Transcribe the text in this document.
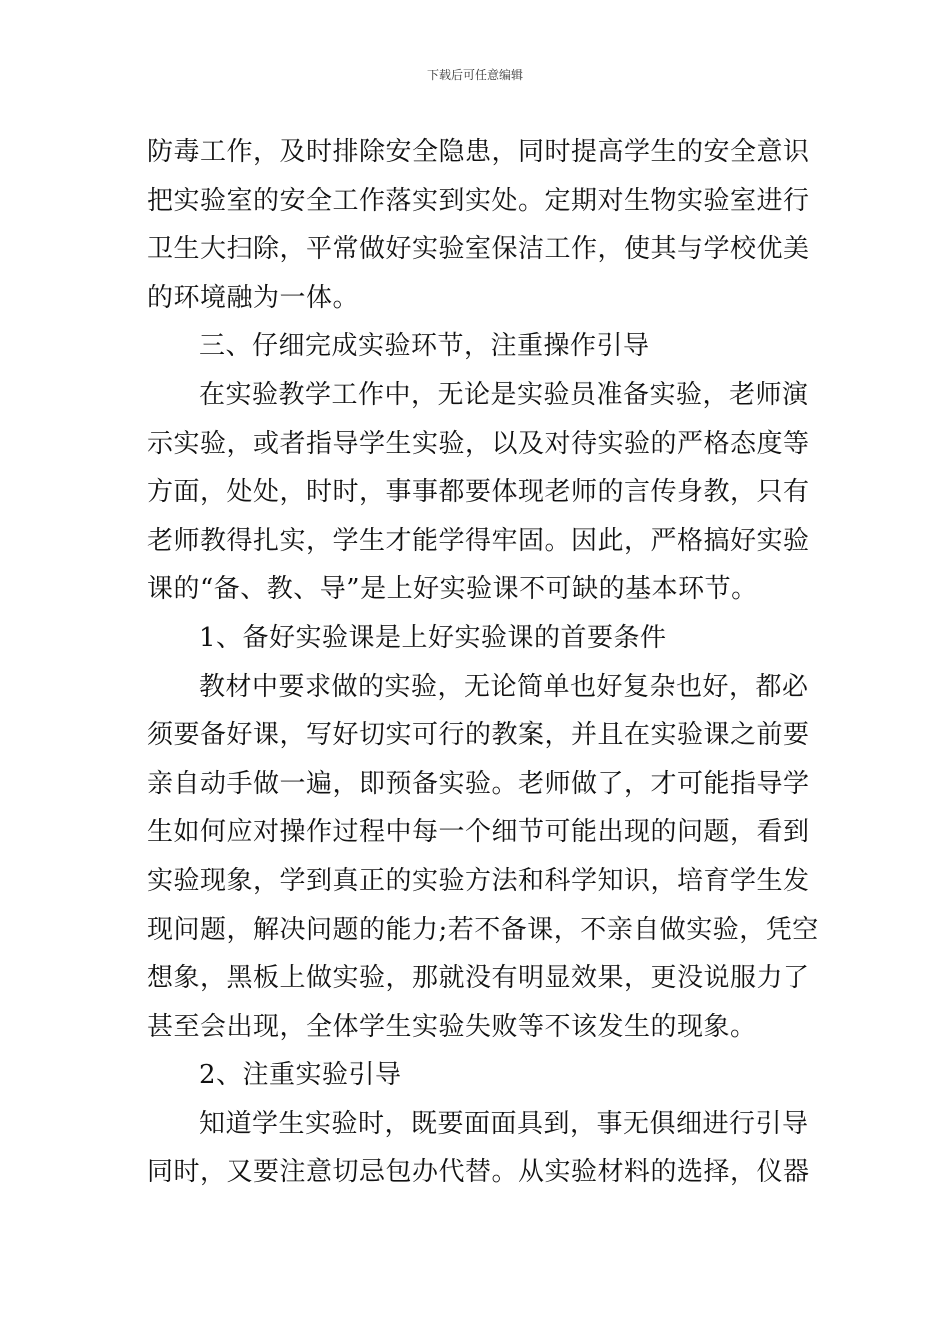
下载后可任意编辑
防毒工作，及时排除安全隐患，同时提高学生的安全意识
把实验室的安全工作落实到实处。定期对生物实验室进行
卫生大扫除，平常做好实验室保洁工作，使其与学校优美
的环境融为一体。
三、仔细完成实验环节，注重操作引导
在实验教学工作中，无论是实验员准备实验，老师演
示实验，或者指导学生实验，以及对待实验的严格态度等
方面，处处，时时，事事都要体现老师的言传身教，只有
老师教得扎实，学生才能学得牢固。因此，严格搞好实验
课的“备、教、导”是上好实验课不可缺的基本环节。
1、备好实验课是上好实验课的首要条件
教材中要求做的实验，无论简单也好复杂也好，都必
须要备好课，写好切实可行的教案，并且在实验课之前要
亲自动手做一遍，即预备实验。老师做了，才可能指导学
生如何应对操作过程中每一个细节可能出现的问题，看到
实验现象，学到真正的实验方法和科学知识，培育学生发
现问题，解决问题的能力;若不备课，不亲自做实验，凭空
想象，黑板上做实验，那就没有明显效果，更没说服力了
甚至会出现，全体学生实验失败等不该发生的现象。
2、注重实验引导
知道学生实验时，既要面面具到，事无俱细进行引导
同时，又要注意切忌包办代替。从实验材料的选择，仪器
